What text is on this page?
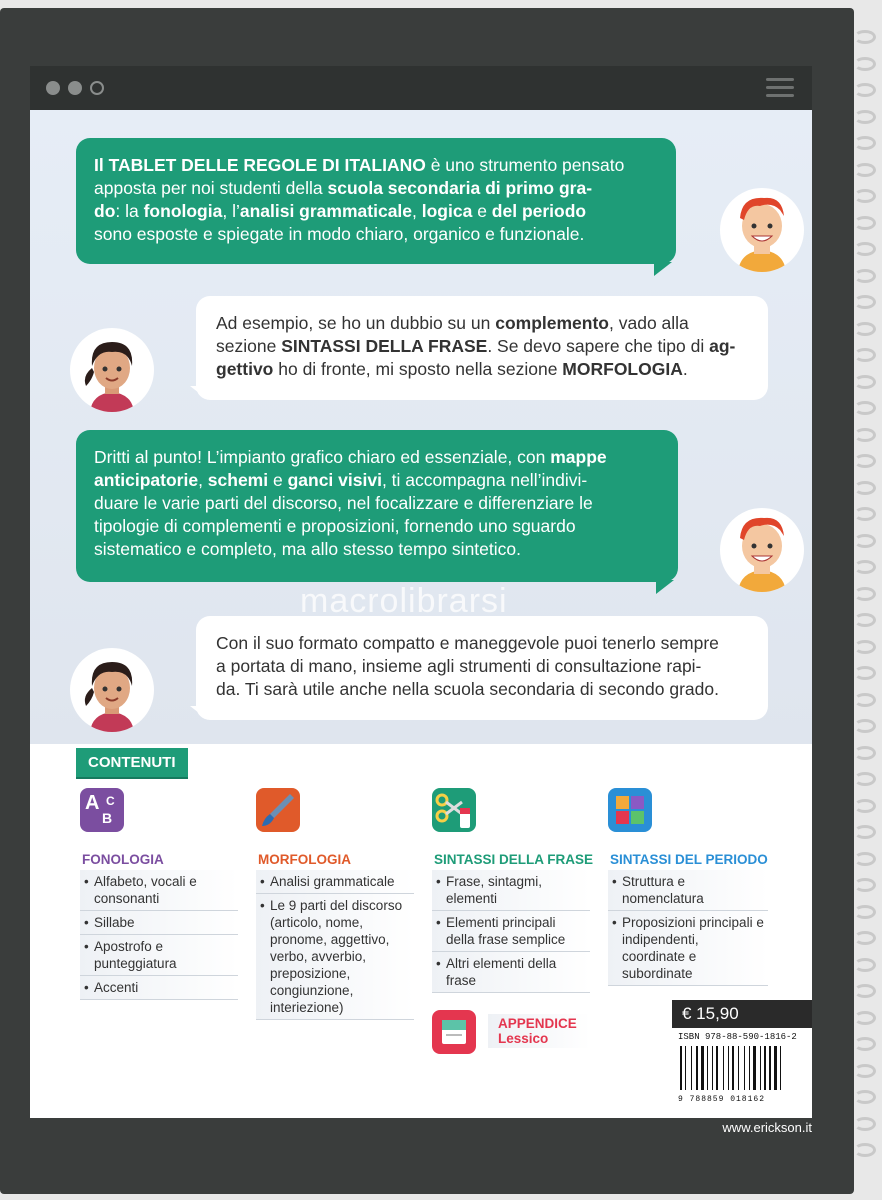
Il TABLET DELLE REGOLE DI ITALIANO è uno strumento pensato
apposta per noi studenti della scuola secondaria di primo gra-
do: la fonologia, l’analisi grammaticale, logica e del periodo
sono esposte e spiegate in modo chiaro, organico e funzionale.
Ad esempio, se ho un dubbio su un complemento, vado alla
sezione SINTASSI DELLA FRASE. Se devo sapere che tipo di ag-
gettivo ho di fronte, mi sposto nella sezione MORFOLOGIA.
Dritti al punto! L’impianto grafico chiaro ed essenziale, con mappe
anticipatorie, schemi e ganci visivi, ti accompagna nell’indivi-
duare le varie parti del discorso, nel focalizzare e differenziare le
tipologie di complementi e proposizioni, fornendo uno sguardo
sistematico e completo, ma allo stesso tempo sintetico.
Con il suo formato compatto e maneggevole puoi tenerlo sempre
a portata di mano, insieme agli strumenti di consultazione rapi-
da. Ti sarà utile anche nella scuola secondaria di secondo grado.
macrolibrarsi
ALTERNATIVA NATURALE
CONTENUTI
A C
B
FONOLOGIA
• Alfabeto, vocali e consonanti
• Sillabe
• Apostrofo e punteggiatura
• Accenti
MORFOLOGIA
• Analisi grammaticale
• Le 9 parti del discorso (articolo, nome, pronome, aggettivo, verbo, avverbio, preposizione, congiunzione, interiezione)
SINTASSI DELLA FRASE
• Frase, sintagmi, elementi
• Elementi principali della frase semplice
• Altri elementi della frase
APPENDICE
Lessico
SINTASSI DEL PERIODO
• Struttura e nomenclatura
• Proposizioni principali e indipendenti, coordinate e subordinate
€ 15,90
ISBN 978-88-590-1816-2
9 788859 018162
www.erickson.it
